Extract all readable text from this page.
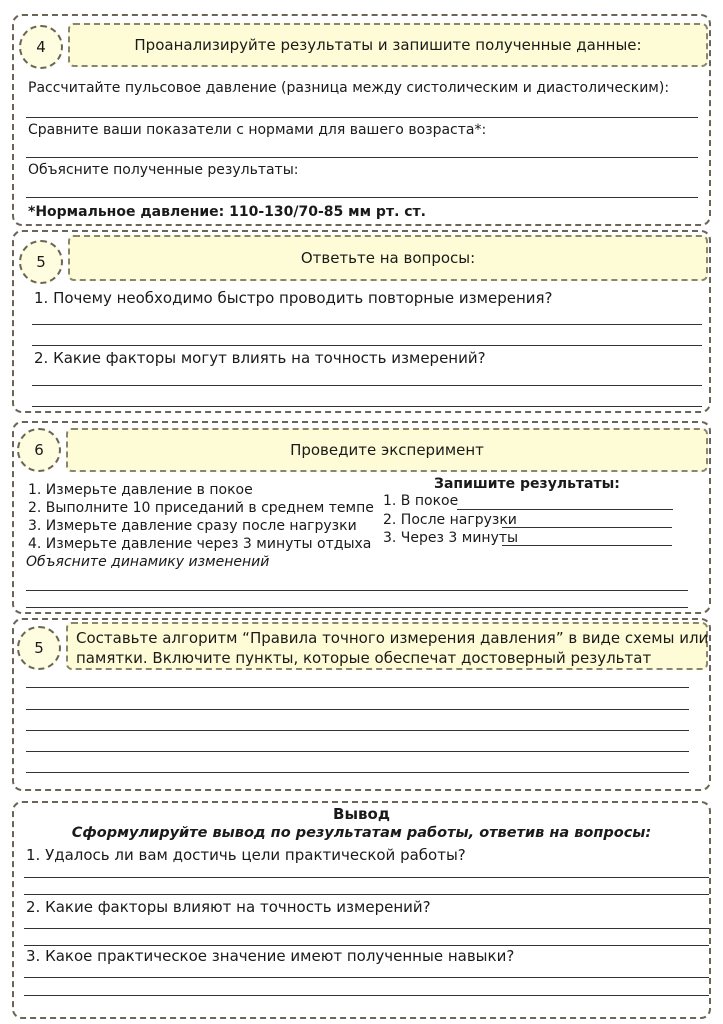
4	Проанализируйте результаты и запишите полученные данные:
Рассчитайте пульсовое давление (разница между систолическим и диастолическим):
Сравните ваши показатели с нормами для вашего возраста*:
Объясните полученные результаты:
*Нормальное давление: 110-130/70-85 мм рт. ст.
5	Ответьте на вопросы:
1. Почему необходимо быстро проводить повторные измерения?
2. Какие факторы могут влиять на точность измерений?
6	Проведите эксперимент
1. Измерьте давление в покое
2. Выполните 10 приседаний в среднем темпе
3. Измерьте давление сразу после нагрузки
4. Измерьте давление через 3 минуты отдыха
Объясните динамику изменений
Запишите результаты:
1. В покое
2. После нагрузки
3. Через 3 минуты
5
Составьте алгоритм “Правила точного измерения давления” в виде схемы или
памятки. Включите пункты, которые обеспечат достоверный результат
Вывод
Сформулируйте вывод по результатам работы, ответив на вопросы:
1. Удалось ли вам достичь цели практической работы?
2. Какие факторы влияют на точность измерений?
3. Какое практическое значение имеют полученные навыки?
